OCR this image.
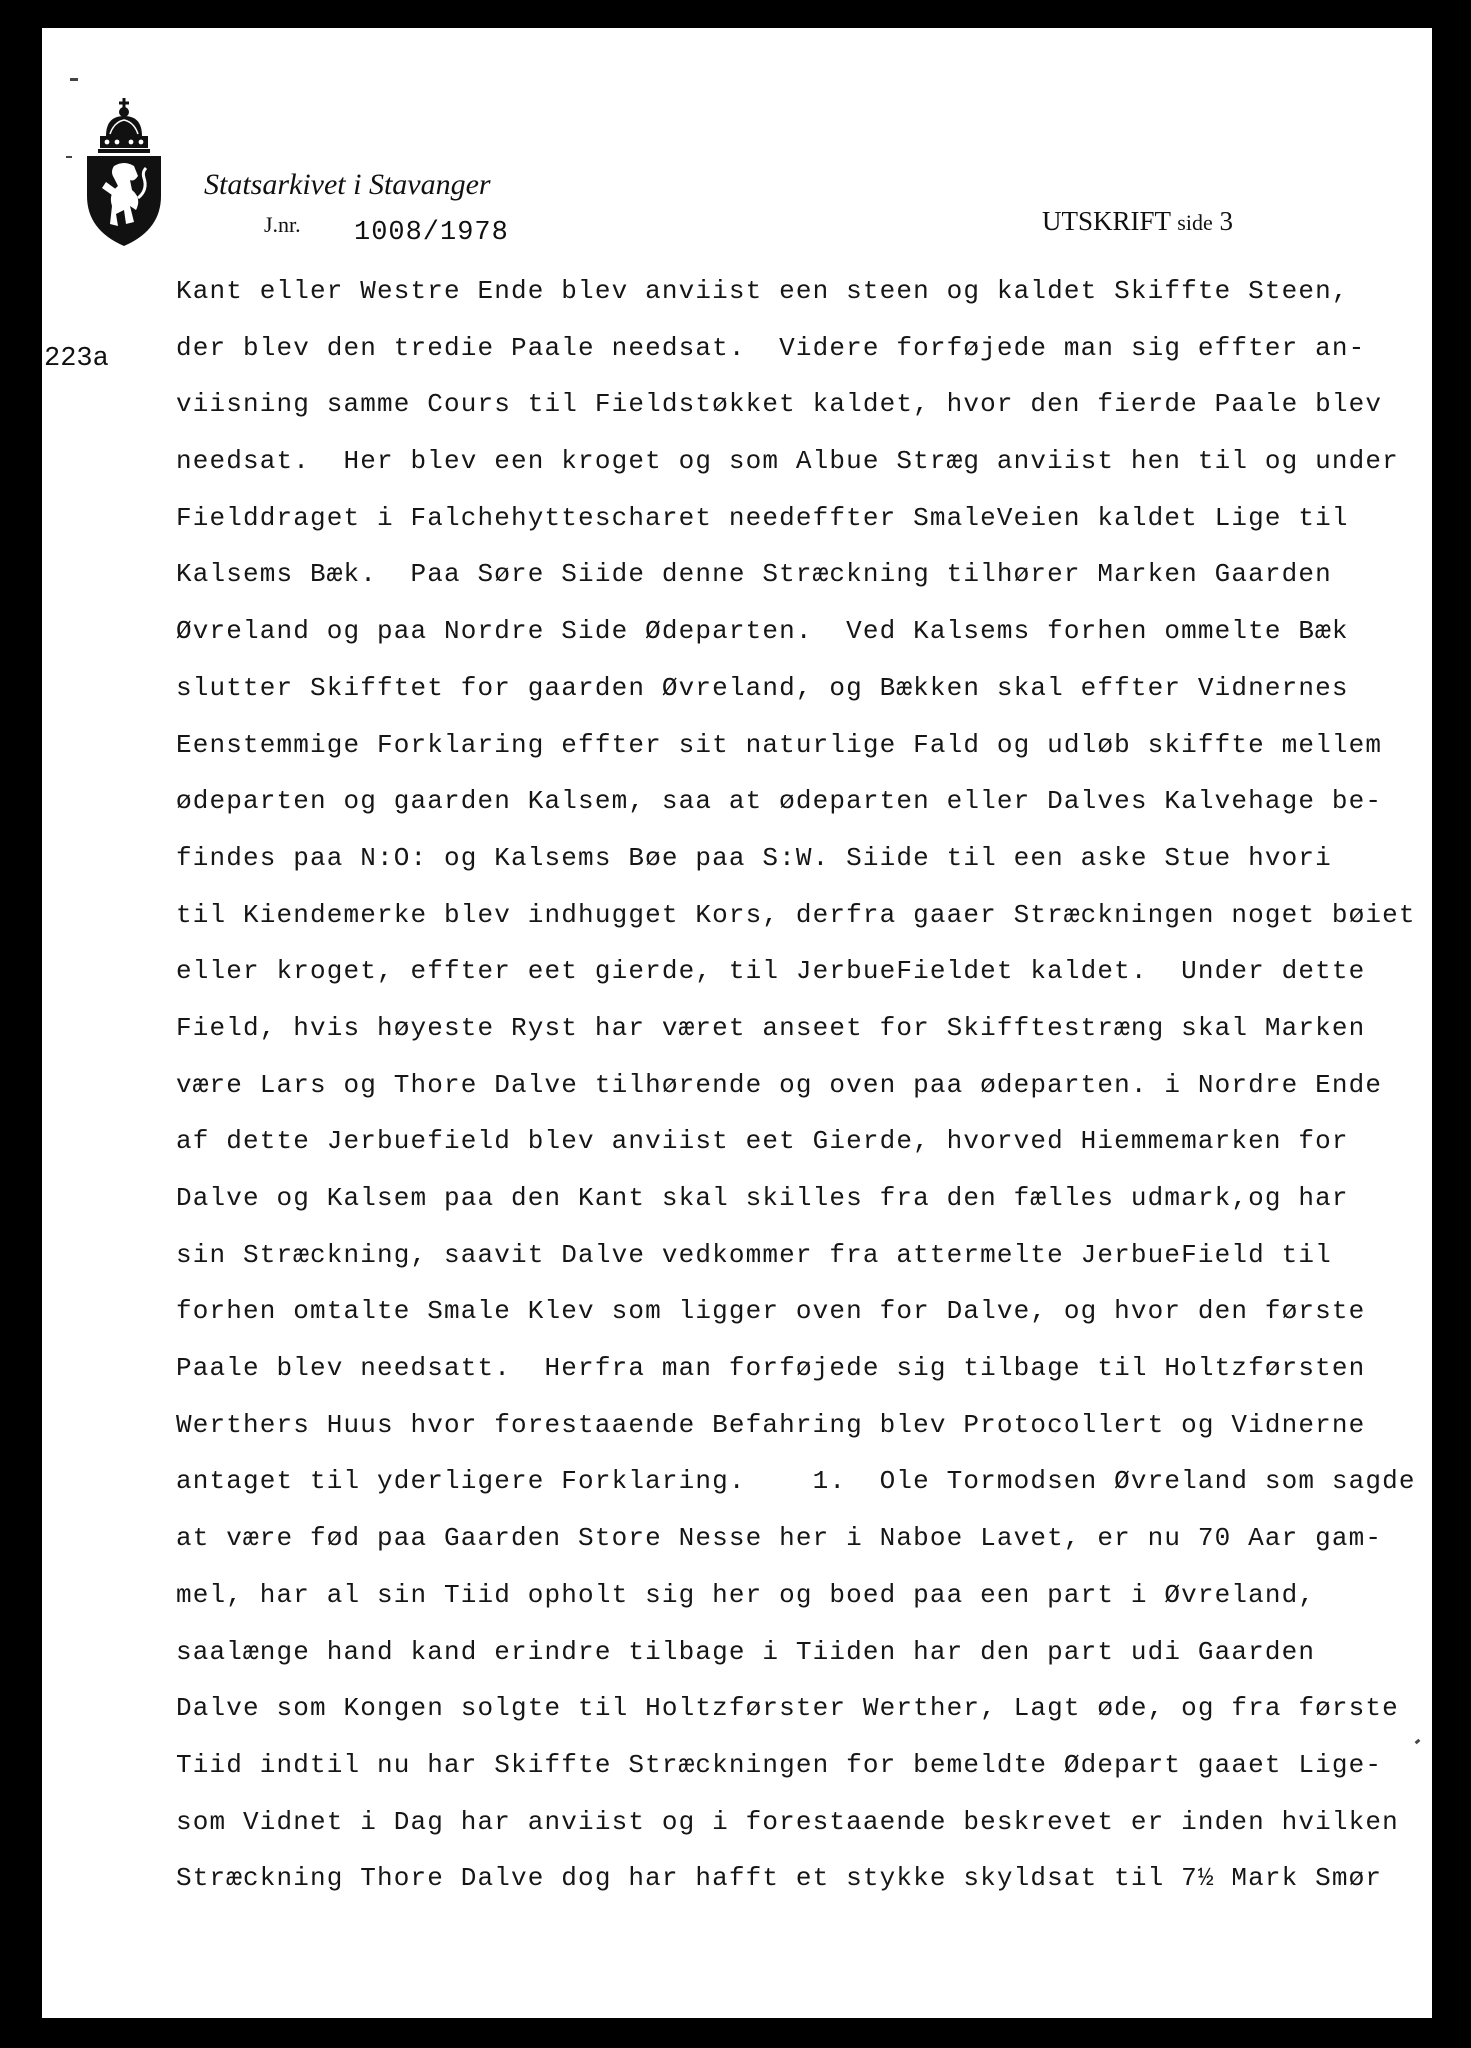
Statsarkivet i Stavanger
J.nr. 1008/1978	UTSKRIFT side 3
223a
Kant eller Westre Ende blev anviist een steen og kaldet Skiffte Steen,
der blev den tredie Paale needsat.  Videre forføjede man sig effter an-
viisning samme Cours til Fieldstøkket kaldet, hvor den fierde Paale blev
needsat.  Her blev een kroget og som Albue Stræg anviist hen til og under
Fielddraget i Falchehyttescharet needeffter SmaleVeien kaldet Lige til
Kalsems Bæk.  Paa Søre Siide denne Stræckning tilhører Marken Gaarden
Øvreland og paa Nordre Side Ødeparten.  Ved Kalsems forhen ommelte Bæk
slutter Skifftet for gaarden Øvreland, og Bækken skal effter Vidnernes
Eenstemmige Forklaring effter sit naturlige Fald og udløb skiffte mellem
ødeparten og gaarden Kalsem, saa at ødeparten eller Dalves Kalvehage be-
findes paa N:O: og Kalsems Bøe paa S:W. Siide til een aske Stue hvori
til Kiendemerke blev indhugget Kors, derfra gaaer Stræckningen noget bøiet
eller kroget, effter eet gierde, til JerbueFieldet kaldet.  Under dette
Field, hvis høyeste Ryst har været anseet for Skifftestræng skal Marken
være Lars og Thore Dalve tilhørende og oven paa ødeparten. i Nordre Ende
af dette Jerbuefield blev anviist eet Gierde, hvorved Hiemmemarken for
Dalve og Kalsem paa den Kant skal skilles fra den fælles udmark,og har
sin Stræckning, saavit Dalve vedkommer fra attermelte JerbueField til
forhen omtalte Smale Klev som ligger oven for Dalve, og hvor den første
Paale blev needsatt.  Herfra man forføjede sig tilbage til Holtzførsten
Werthers Huus hvor forestaaende Befahring blev Protocollert og Vidnerne
antaget til yderligere Forklaring.    1.  Ole Tormodsen Øvreland som sagde
at være fød paa Gaarden Store Nesse her i Naboe Lavet, er nu 70 Aar gam-
mel, har al sin Tiid opholt sig her og boed paa een part i Øvreland,
saalænge hand kand erindre tilbage i Tiiden har den part udi Gaarden
Dalve som Kongen solgte til Holtzførster Werther, Lagt øde, og fra første
Tiid indtil nu har Skiffte Stræckningen for bemeldte Ødepart gaaet Lige-
som Vidnet i Dag har anviist og i forestaaende beskrevet er inden hvilken
Stræckning Thore Dalve dog har hafft et stykke skyldsat til 7½ Mark Smør
